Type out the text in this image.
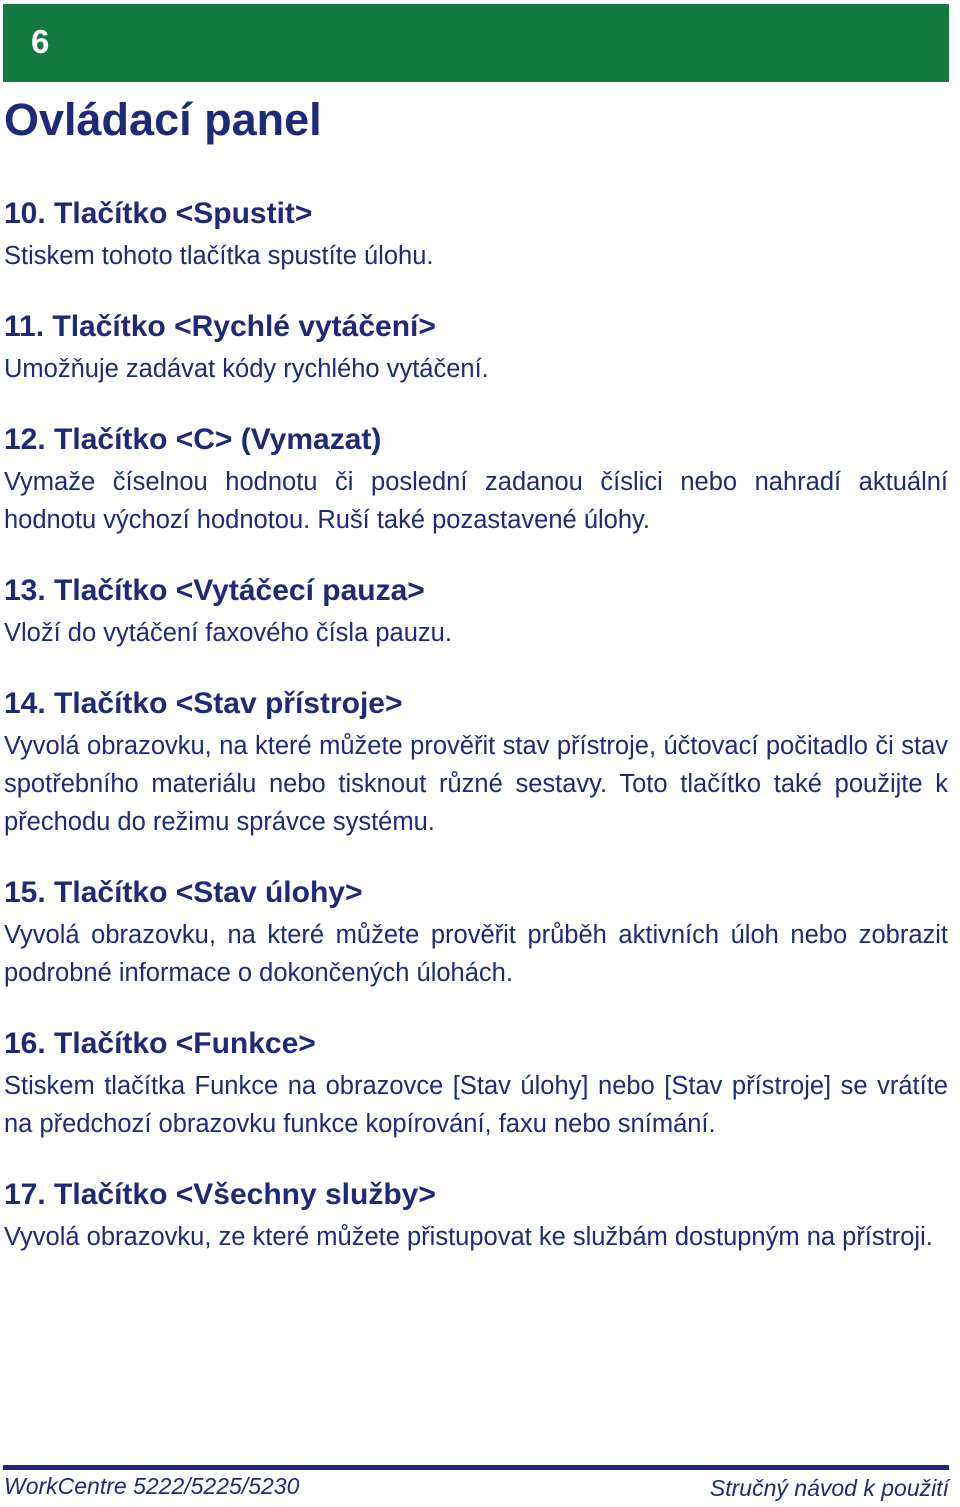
6
Ovládací panel
10. Tlačítko <Spustit>

Stiskem tohoto tlačítka spustíte úlohu.

11. Tlačítko <Rychlé vytáčení>

Umožňuje zadávat kódy rychlého vytáčení.

12. Tlačítko <C> (Vymazat)

Vymaže číselnou hodnotu či poslední zadanou číslici nebo nahradí aktuální hodnotu výchozí hodnotou. Ruší také pozastavené úlohy.

13. Tlačítko <Vytáčecí pauza>

Vloží do vytáčení faxového čísla pauzu.

14. Tlačítko <Stav přístroje>

Vyvolá obrazovku, na které můžete prověřit stav přístroje, účtovací počitadlo či stav spotřebního materiálu nebo tisknout různé sestavy. Toto tlačítko také použijte k přechodu do režimu správce systému.

15. Tlačítko <Stav úlohy>

Vyvolá obrazovku, na které můžete prověřit průběh aktivních úloh nebo zobrazit podrobné informace o dokončených úlohách.

16. Tlačítko <Funkce>

Stiskem tlačítka Funkce na obrazovce [Stav úlohy] nebo [Stav přístroje] se vrátíte na předchozí obrazovku funkce kopírování, faxu nebo snímání.

17. Tlačítko <Všechny služby>

Vyvolá obrazovku, ze které můžete přistupovat ke službám dostupným na přístroji.

WorkCentre 5222/5225/5230	Stručný návod k použití
